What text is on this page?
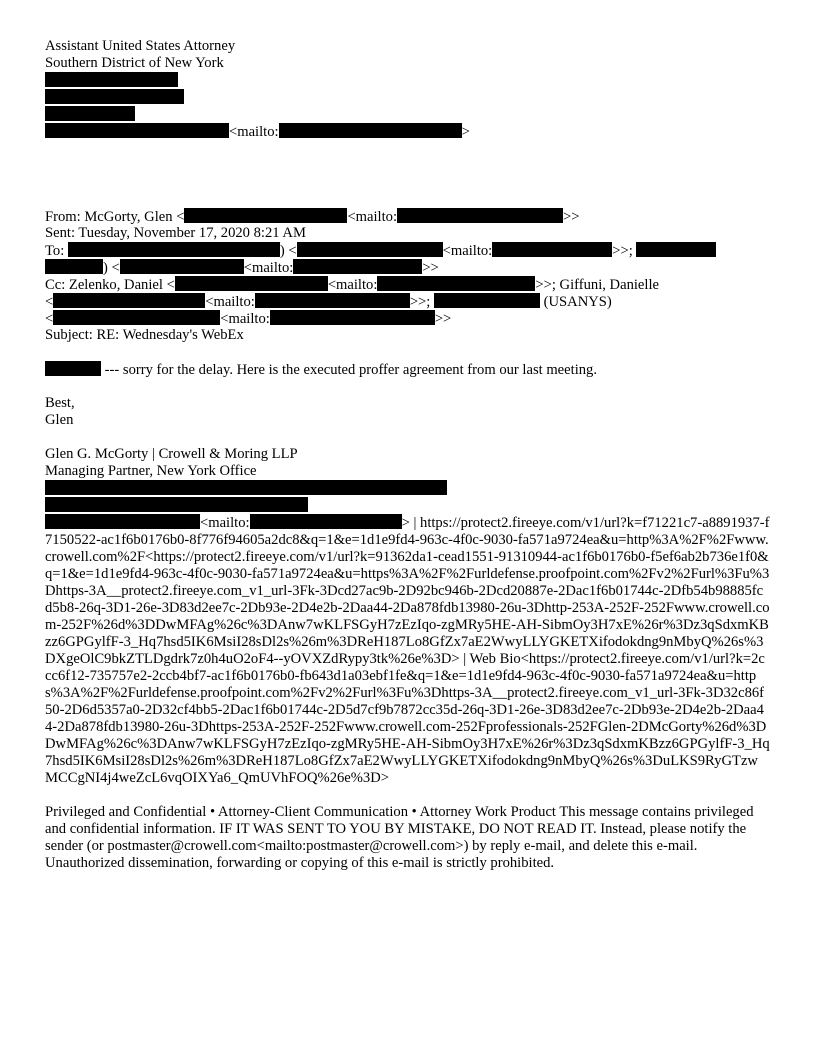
Assistant United States Attorney
Southern District of New York
<mailto:	>
From: McGorty, Glen <	<mailto:	>>
Sent: Tuesday, November 17, 2020 8:21 AM
To:	) <	<mailto:	>>;
) <	<mailto:	>>
Cc: Zelenko, Daniel <	<mailto:	>>; Giffuni, Danielle
<	<mailto:	>>;	(USANYS)
<	<mailto:	>>
Subject: RE: Wednesday's WebEx
--- sorry for the delay. Here is the executed proffer agreement from our last meeting.
Best,
Glen
Glen G. McGorty | Crowell & Moring LLP
Managing Partner, New York Office
<mailto:	> | https://protect2.fireeye.com/v1/url?k=f71221c7-a8891937-f7150522-ac1f6b0176b0-8f776f94605a2dc8&q=1&e=1d1e9fd4-963c-4f0c-9030-fa571a9724ea&u=http%3A%2F%2Fwww.crowell.com%2F<https://protect2.fireeye.com/v1/url?k=91362da1-cead1551-91310944-ac1f6b0176b0-f5ef6ab2b736e1f0&q=1&e=1d1e9fd4-963c-4f0c-9030-fa571a9724ea&u=https%3A%2F%2Furldefense.proofpoint.com%2Fv2%2Furl%3Fu%3Dhttps-3A__protect2.fireeye.com_v1_url-3Fk-3Dcd27ac9b-2D92bc946b-2Dcd20887e-2Dac1f6b01744c-2Dfb54b98885fcd5b8-26q-3D1-26e-3D83d2ee7c-2Db93e-2D4e2b-2Daa44-2Da878fdb13980-26u-3Dhttp-253A-252F-252Fwww.crowell.com-252F%26d%3DDwMFAg%26c%3DAnw7wKLFSGyH7zEzIqo-zgMRy5HE-AH-SibmOy3H7xE%26r%3Dz3qSdxmKBzz6GPGylfF-3_Hq7hsd5IK6MsiI28sDl2s%26m%3DReH187Lo8GfZx7aE2WwyLLYGKETXifodokdng9nMbyQ%26s%3DXgeOlC9bkZTLDgdrk7z0h4uO2oF4--yOVXZdRypy3tk%26e%3D> | Web Bio<https://protect2.fireeye.com/v1/url?k=2ccc6f12-735757e2-2ccb4bf7-ac1f6b0176b0-fb643d1a03ebf1fe&q=1&e=1d1e9fd4-963c-4f0c-9030-fa571a9724ea&u=https%3A%2F%2Furldefense.proofpoint.com%2Fv2%2Furl%3Fu%3Dhttps-3A__protect2.fireeye.com_v1_url-3Fk-3D32c86f50-2D6d5357a0-2D32cf4bb5-2Dac1f6b01744c-2D5d7cf9b7872cc35d-26q-3D1-26e-3D83d2ee7c-2Db93e-2D4e2b-2Daa44-2Da878fdb13980-26u-3Dhttps-253A-252F-252Fwww.crowell.com-252Fprofessionals-252FGlen-2DMcGorty%26d%3DDwMFAg%26c%3DAnw7wKLFSGyH7zEzIqo-zgMRy5HE-AH-SibmOy3H7xE%26r%3Dz3qSdxmKBzz6GPGylfF-3_Hq7hsd5IK6MsiI28sDl2s%26m%3DReH187Lo8GfZx7aE2WwyLLYGKETXifodokdng9nMbyQ%26s%3DuLKS9RyGTzwMCCgNI4j4weZcL6vqOIXYa6_QmUVhFOQ%26e%3D>
Privileged and Confidential • Attorney-Client Communication • Attorney Work Product This message contains privileged and confidential information. IF IT WAS SENT TO YOU BY MISTAKE, DO NOT READ IT. Instead, please notify the sender (or postmaster@crowell.com<mailto:postmaster@crowell.com>) by reply e-mail, and delete this e-mail.
Unauthorized dissemination, forwarding or copying of this e-mail is strictly prohibited.
